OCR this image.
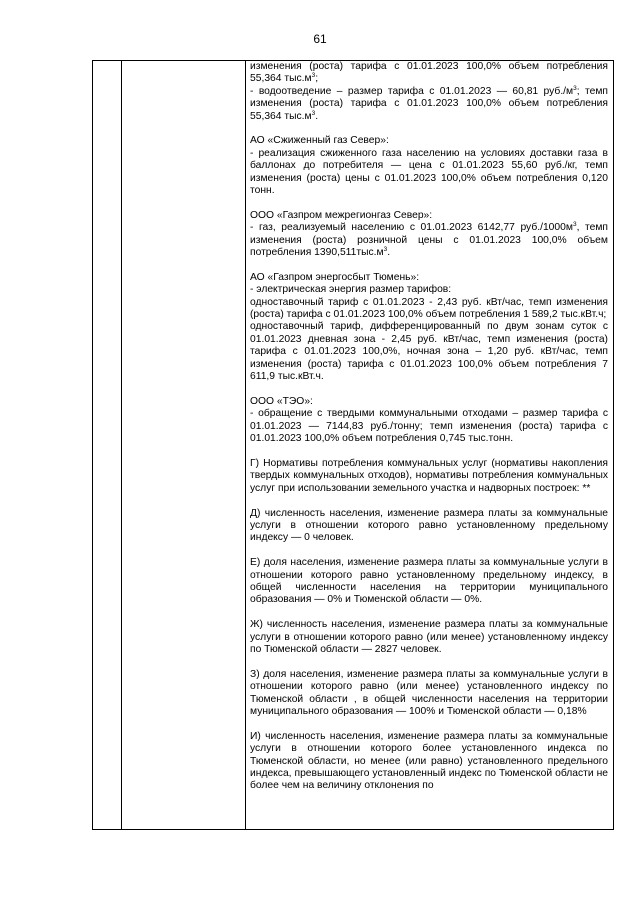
61
изменения (роста) тарифа с 01.01.2023 100,0% объем потребления 55,364 $тыс.м^3$;
- водоотведение – размер тарифа с 01.01.2023 — 60,81 $руб./м^3$; темп изменения (роста) тарифа с 01.01.2023 100,0% объем потребления 55,364 $тыс.м^3$.
АО «Сжиженный газ Север»:
- реализация сжиженного газа населению на условиях доставки газа в баллонах до потребителя — цена с 01.01.2023 55,60 руб./кг, темп изменения (роста) цены с 01.01.2023 100,0% объем потребления 0,120 тонн.
ООО «Газпром межрегионгаз Север»:
- газ, реализуемый населению с 01.01.2023 6142,77 $руб./1000м^3$, темп изменения (роста) розничной цены с 01.01.2023 100,0% объем потребления $1390,511тыс.м^3$.
АО «Газпром энергосбыт Тюмень»:
- электрическая энергия размер тарифов:
одноставочный тариф с 01.01.2023 - 2,43 руб. кВт/час, темп изменения (роста) тарифа с 01.01.2023 100,0% объем потребления 1 589,2 тыс.кВт.ч;
одноставочный тариф, дифференцированный по двум зонам суток с 01.01.2023 дневная зона - 2,45 руб. кВт/час, темп изменения (роста) тарифа с 01.01.2023 100,0%, ночная зона – 1,20 руб. кВт/час, темп изменения (роста) тарифа с 01.01.2023 100,0% объем потребления 7 611,9 тыс.кВт.ч.
ООО «ТЭО»:
- обращение с твердыми коммунальными отходами – размер тарифа с 01.01.2023 — 7144,83 руб./тонну; темп изменения (роста) тарифа с 01.01.2023 100,0% объем потребления 0,745 тыс.тонн.
Г) Нормативы потребления коммунальных услуг (нормативы накопления твердых коммунальных отходов), нормативы потребления коммунальных услуг при использовании земельного участка и надворных построек: **
Д) численность населения, изменение размера платы за коммунальные услуги в отношении которого равно установленному предельному индексу — 0 человек.
Е) доля населения, изменение размера платы за коммунальные услуги в отношении которого равно установленному предельному индексу, в общей численности населения на территории муниципального образования — 0% и Тюменской области — 0%.
Ж) численность населения, изменение размера платы за коммунальные услуги в отношении которого равно (или менее) установленному индексу по Тюменской области — 2827 человек.
З) доля населения, изменение размера платы за коммунальные услуги в отношении которого равно (или менее) установленного индексу по Тюменской области , в общей численности населения на территории муниципального образования — 100% и Тюменской области — 0,18%
И) численность населения, изменение размера платы за коммунальные услуги в отношении которого более установленного индекса по Тюменской области, но менее (или равно) установленного предельного индекса, превышающего установленный индекс по Тюменской области не более чем на величину отклонения по
